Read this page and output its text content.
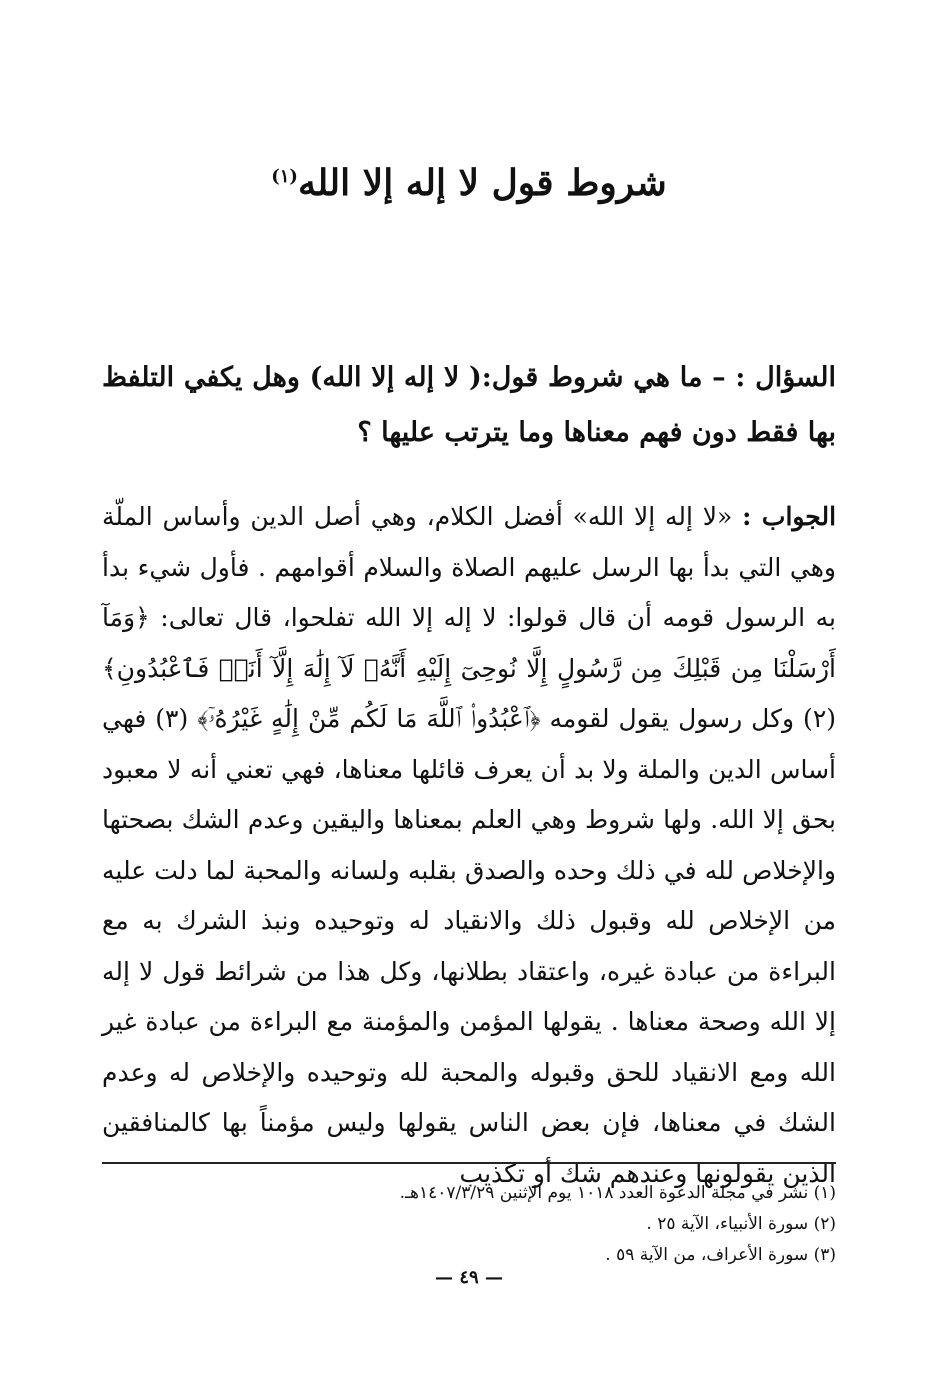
شروط قول لا إله إلا الله$^{(١)}$
السؤال : – ما هي شروط قول:( لا إله إلا الله) وهل يكفي التلفظ بها فقط دون فهم معناها وما يترتب عليها ؟

الجواب : «لا إله إلا الله» أفضل الكلام، وهي أصل الدين وأساس الملّة وهي التي بدأ بها الرسل عليهم الصلاة والسلام أقوامهم . فأول شيء بدأ به الرسول قومه أن قال قولوا: لا إله إلا الله تفلحوا، قال تعالى: ﴿وَمَآ أَرْسَلْنَا مِن قَبْلِكَ مِن رَّسُولٍ إِلَّا نُوحِىٓ إِلَيْهِ أَنَّهُۥ لَآ إِلَٰهَ إِلَّآ أَنَا۠ فَٱعْبُدُونِ﴾ (٢) وكل رسول يقول لقومه ﴿ٱعْبُدُوا۟ ٱللَّهَ مَا لَكُم مِّنْ إِلَٰهٍ غَيْرُهُۥٓ﴾ (٣) فهي أساس الدين والملة ولا بد أن يعرف قائلها معناها، فهي تعني أنه لا معبود بحق إلا الله. ولها شروط وهي العلم بمعناها واليقين وعدم الشك بصحتها والإخلاص لله في ذلك وحده والصدق بقلبه ولسانه والمحبة لما دلت عليه من الإخلاص لله وقبول ذلك والانقياد له وتوحيده ونبذ الشرك به مع البراءة من عبادة غيره، واعتقاد بطلانها، وكل هذا من شرائط قول لا إله إلا الله وصحة معناها . يقولها المؤمن والمؤمنة مع البراءة من عبادة غير الله ومع الانقياد للحق وقبوله والمحبة لله وتوحيده والإخلاص له وعدم الشك في معناها، فإن بعض الناس يقولها وليس مؤمناً بها كالمنافقين الذين يقولونها وعندهم شك أو تكذيب

(١) نشر في مجلة الدعوة العدد ١٠١٨ يوم الإثنين ١٤٠٧/٣/٢٩هـ.
(٢) سورة الأنبياء، الآية ٢٥ .
(٣) سورة الأعراف، من الآية ٥٩ .
— ٤٩ —
